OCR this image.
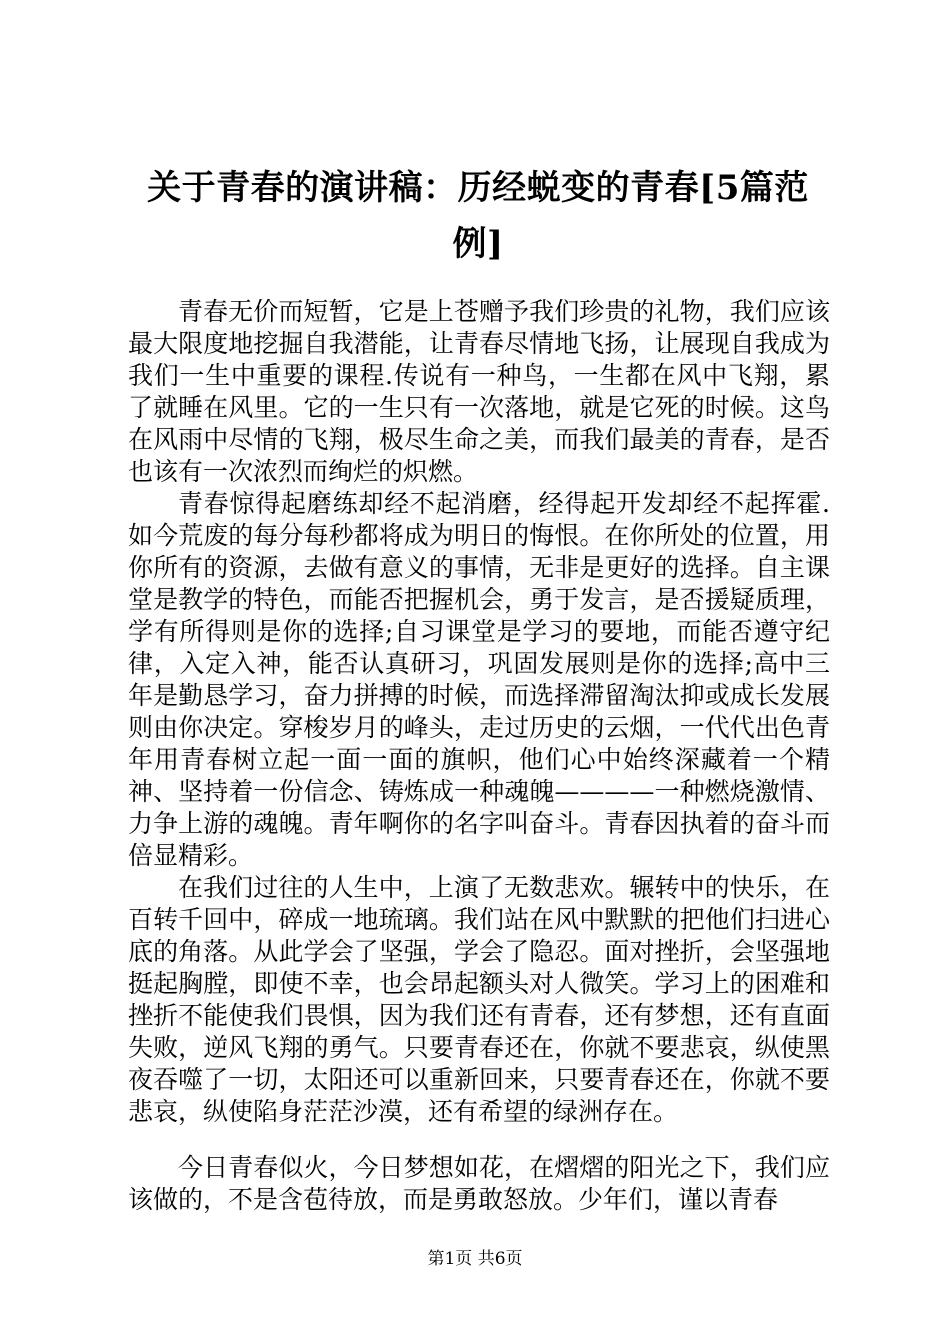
关于青春的演讲稿：历经蜕变的青春[5篇范例]

青春无价而短暂，它是上苍赠予我们珍贵的礼物，我们应该最大限度地挖掘自我潜能，让青春尽情地飞扬，让展现自我成为我们一生中重要的课程.传说有一种鸟，一生都在风中飞翔，累了就睡在风里。它的一生只有一次落地，就是它死的时候。这鸟在风雨中尽情的飞翔，极尽生命之美，而我们最美的青春，是否也该有一次浓烈而绚烂的炽燃。

青春惊得起磨练却经不起消磨，经得起开发却经不起挥霍.如今荒废的每分每秒都将成为明日的悔恨。在你所处的位置，用你所有的资源，去做有意义的事情，无非是更好的选择。自主课堂是教学的特色，而能否把握机会，勇于发言，是否援疑质理，学有所得则是你的选择;自习课堂是学习的要地，而能否遵守纪律，入定入神，能否认真研习，巩固发展则是你的选择;高中三年是勤恳学习，奋力拼搏的时候，而选择滞留淘汰抑或成长发展则由你决定。穿梭岁月的峰头，走过历史的云烟，一代代出色青年用青春树立起一面一面的旗帜，他们心中始终深藏着一个精神、坚持着一份信念、铸炼成一种魂魄————一种燃烧激情、力争上游的魂魄。青年啊你的名字叫奋斗。青春因执着的奋斗而倍显精彩。

在我们过往的人生中，上演了无数悲欢。辗转中的快乐，在百转千回中，碎成一地琉璃。我们站在风中默默的把他们扫进心底的角落。从此学会了坚强，学会了隐忍。面对挫折，会坚强地挺起胸膛，即使不幸，也会昂起额头对人微笑。学习上的困难和挫折不能使我们畏惧，因为我们还有青春，还有梦想，还有直面失败，逆风飞翔的勇气。只要青春还在，你就不要悲哀，纵使黑夜吞噬了一切，太阳还可以重新回来，只要青春还在，你就不要悲哀，纵使陷身茫茫沙漠，还有希望的绿洲存在。

今日青春似火，今日梦想如花，在熠熠的阳光之下，我们应该做的，不是含苞待放，而是勇敢怒放。少年们，谨以青春

第1页 共6页
